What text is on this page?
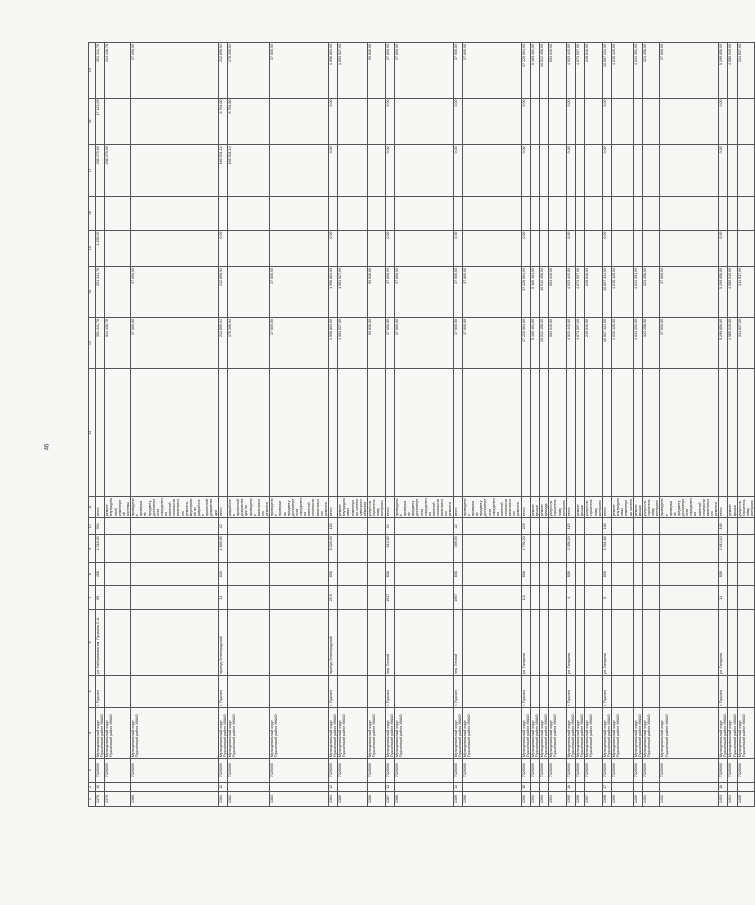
46
1	2	3	4	5	6	7	8	9	10	11	12	13	14	15	16	17	18	19
1378	10	7326000	Муниципальный округ Пушкинский район ХМАО	г. Пушкин	ул. Набережная им. Пушкина С.А.	85	458	2 318,00	354	итого		351 341,76	351 341,76	1 295,00		298 379,69	17 123,09	351 341,76
1379		7326000	Муниципальный округ Пушкинский район ХМАО							ремонт внутридомовой инженерной системы		314 136,78				298 379,69		314 136,78
1380		7326000	Муниципальный округ Пушкинский район ХМАО							проведение проверки по предмету достоверности определения сметной стоимости капитального ремонта, мероприятий по разработке проектной документации		37 000,00	37 000,00					37 000,00
1381	11	7326000	Муниципальный округ Пушкинский район ХМАО	г. Пушкин	проезд Ленинградский	14	630	1 855,56	42	итого		212 895,94	212 895,94	0,00		166 531,14	8 764,80	212 895,94
1382		7326000	Муниципальный округ Пушкинский район ХМАО							разработка проектной документации на проведение капитального ремонта		175 295,94				166 531,14	8 764,80	175 295,94
1383		7326000	Муниципальный округ Пушкинский район ХМАО							проведение проверки по предмету достоверности определения сметной стоимости капитального ремонта		37 600,00	37 600,00					37 600,00
1384	12	7326000	Муниципальный округ Пушкинский район ХМАО	г. Пушкин	проезд Ленинградский	23.5	858	5 028,00	183	итого		1 996 863,00	1 996 863,00	0,00		0,00	0,00	1 996 863,00
1385		7326000	Муниципальный округ Пушкинский район ХМАО							ремонт внутридомовых инженерных систем электроснабжения		1 903 027,00	1 903 027,00					1 903 027,00
1386		7326000	Муниципальный округ Пушкинский район ХМАО							услуги по строительному контролю		93 836,00	93 836,00					93 836,00
1387	13	7326000	Муниципальный округ Пушкинский район ХМАО	г. Пушкин	пер. Лесной	1917	838	613,90	24	итого		37 600,00	37 600,00	0,00		0,00	0,00	37 600,00
1388		7326000	Муниципальный округ Пушкинский район ХМАО							проведение проверки по предмету достоверности определения сметной стоимости капитального ремонта		37 600,00	37 600,00					37 600,00
1389	14	7326000	Муниципальный округ Пушкинский район ХМАО	г. Пушкин	пер. Лесной	1957	858	399,00	22	итого		37 600,00	37 600,00	0,00		0,00	0,00	37 600,00
1390		7326000	Муниципальный округ Пушкинский район ХМАО							проведение проверки по предмету достоверности определения сметной стоимости капитального ремонта		37 600,00	37 600,00					37 600,00
1391	15	7326000	Муниципальный округ Пушкинский район ХМАО	г. Пушкин	ул. Гагарина	1/3	858	4 756,20	229	итого		17 225 964,00	17 225 964,00	0,00		0,00	0,00	17 225 964,00
1392		7326000	Муниципальный округ Пушкинский район ХМАО							ремонт крыши		5 160 461,00	5 160 461,00					5 160 461,00
1393		7326000	Муниципальный округ Пушкинский район ХМАО							ремонт фасада		10 512 458,00	10 512 458,00					10 512 458,00
1394		7326000	Муниципальный округ Пушкинский район ХМАО							услуги по строительному контролю		553 045,00	553 045,00					553 045,00
1395	16	7326000	Муниципальный округ Пушкинский район ХМАО	г. Пушкин	ул. Гагарина	4	858	2 356,20	115	итого		4 923 443,00	4 923 443,00	0,00		0,00	0,00	4 923 443,00
1396		7326000	Муниципальный округ Пушкинский район ХМАО							ремонт крыши		4 673 597,00	4 673 597,00					4 673 597,00
1397		7326000	Муниципальный округ Пушкинский район ХМАО							услуги по строительному контролю		249 846,00	249 846,00					249 846,00
1398	17	7326000	Муниципальный округ Пушкинский район ХМАО	г. Пушкин	ул. Гагарина	5	858	3 351,60	180	итого		10 807 324,00	10 807 324,00	0,00		0,00	0,00	10 807 324,00
1399		7326000	Муниципальный округ Пушкинский район ХМАО							ремонт внутридомовых инженерных систем		4 015 125,00	4 015 125,00					4 015 125,00
1400		7326000	Муниципальный округ Пушкинский район ХМАО							ремонт крыши		4 644 391,00	4 644 391,00					4 644 391,00
1401		7326000	Муниципальный округ Пушкинский район ХМАО							услуги по строительному контролю		323 258,00	323 258,00					323 258,00
1402		7326000	Муниципальный округ Пушкинский район ХМАО							проведение проверки по предмету достоверности определения сметной стоимости капитального ремонта		37 600,00	37 600,00					37 600,00
1403	18	7326000	Муниципальный округ Пушкинский район ХМАО	г. Пушкин	ул. Гагарина	14	858	2 913,10	168	итого		5 299 856,00	5 299 856,00	0,00		0,00	0,00	5 299 856,00
1404		7326000	Муниципальный округ Пушкинский район ХМАО							ремонт крыши		4 985 019,00	4 985 019,00					4 985 019,00
1405		7326000	Муниципальный округ Пушкинский район ХМАО							услуги по строительному контролю		314 837,00	314 837,00					314 837,00
